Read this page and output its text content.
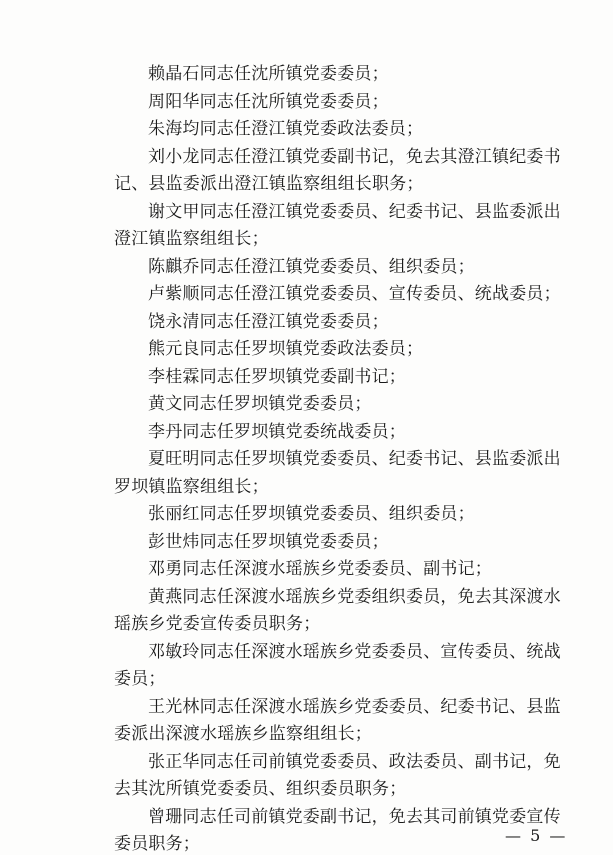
赖晶石同志任沈所镇党委委员；
周阳华同志任沈所镇党委委员；
朱海均同志任澄江镇党委政法委员；
刘小龙同志任澄江镇党委副书记，免去其澄江镇纪委书
记、县监委派出澄江镇监察组组长职务；
谢文甲同志任澄江镇党委委员、纪委书记、县监委派出
澄江镇监察组组长；
陈麒乔同志任澄江镇党委委员、组织委员；
卢紫顺同志任澄江镇党委委员、宣传委员、统战委员；
饶永清同志任澄江镇党委委员；
熊元良同志任罗坝镇党委政法委员；
李桂霖同志任罗坝镇党委副书记；
黄文同志任罗坝镇党委委员；
李丹同志任罗坝镇党委统战委员；
夏旺明同志任罗坝镇党委委员、纪委书记、县监委派出
罗坝镇监察组组长；
张丽红同志任罗坝镇党委委员、组织委员；
彭世炜同志任罗坝镇党委委员；
邓勇同志任深渡水瑶族乡党委委员、副书记；
黄燕同志任深渡水瑶族乡党委组织委员，免去其深渡水
瑶族乡党委宣传委员职务；
邓敏玲同志任深渡水瑶族乡党委委员、宣传委员、统战
委员；
王光林同志任深渡水瑶族乡党委委员、纪委书记、县监
委派出深渡水瑶族乡监察组组长；
张正华同志任司前镇党委委员、政法委员、副书记，免
去其沈所镇党委委员、组织委员职务；
曾珊同志任司前镇党委副书记，免去其司前镇党委宣传
委员职务；	— 5 —
